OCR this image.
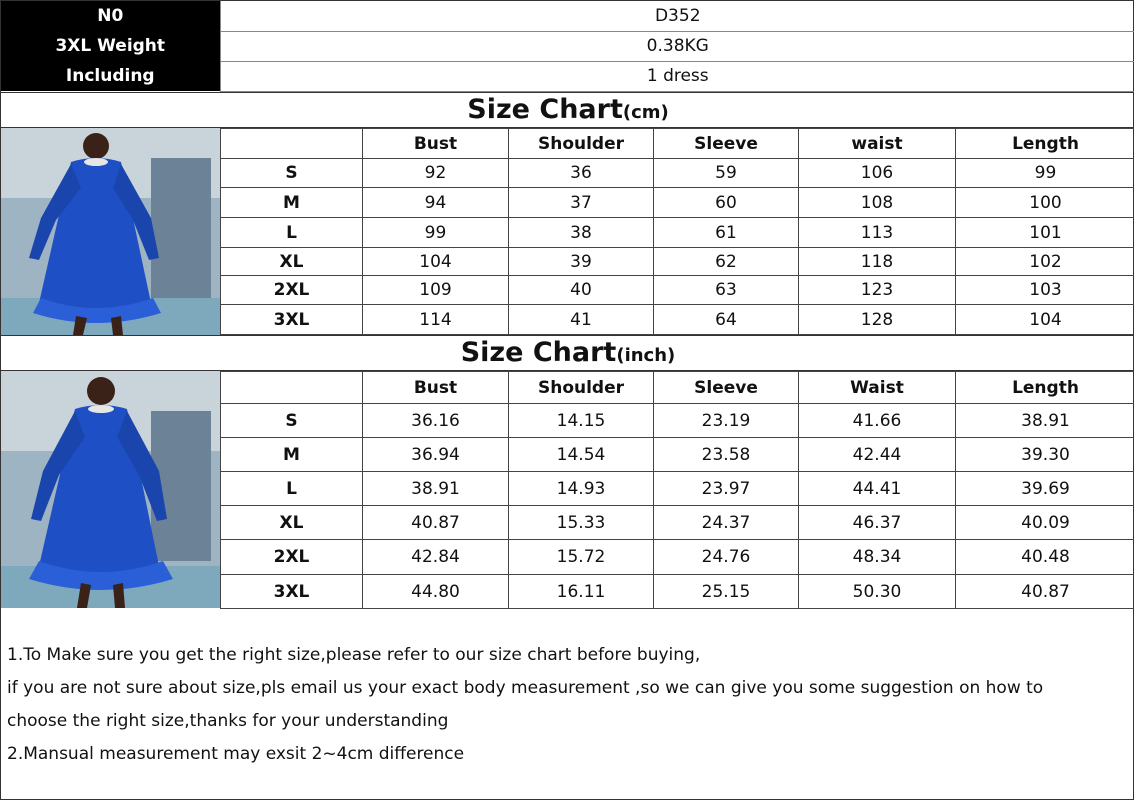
N0	D352
3XL Weight	0.38KG
Including	1 dress
Size Chart(cm)
	Bust	Shoulder	Sleeve	waist	Length
S	92	36	59	106	99
M	94	37	60	108	100
L	99	38	61	113	101
XL	104	39	62	118	102
2XL	109	40	63	123	103
3XL	114	41	64	128	104
Size Chart(inch)
	Bust	Shoulder	Sleeve	Waist	Length
S	36.16	14.15	23.19	41.66	38.91
M	36.94	14.54	23.58	42.44	39.30
L	38.91	14.93	23.97	44.41	39.69
XL	40.87	15.33	24.37	46.37	40.09
2XL	42.84	15.72	24.76	48.34	40.48
3XL	44.80	16.11	25.15	50.30	40.87
1.To Make sure you get the right size,please refer to our size chart before buying,
if you are not sure about size,pls email us your exact body measurement ,so we can give you some suggestion on how to
choose the right size,thanks for your understanding
2.Mansual measurement may exsit 2~4cm difference
